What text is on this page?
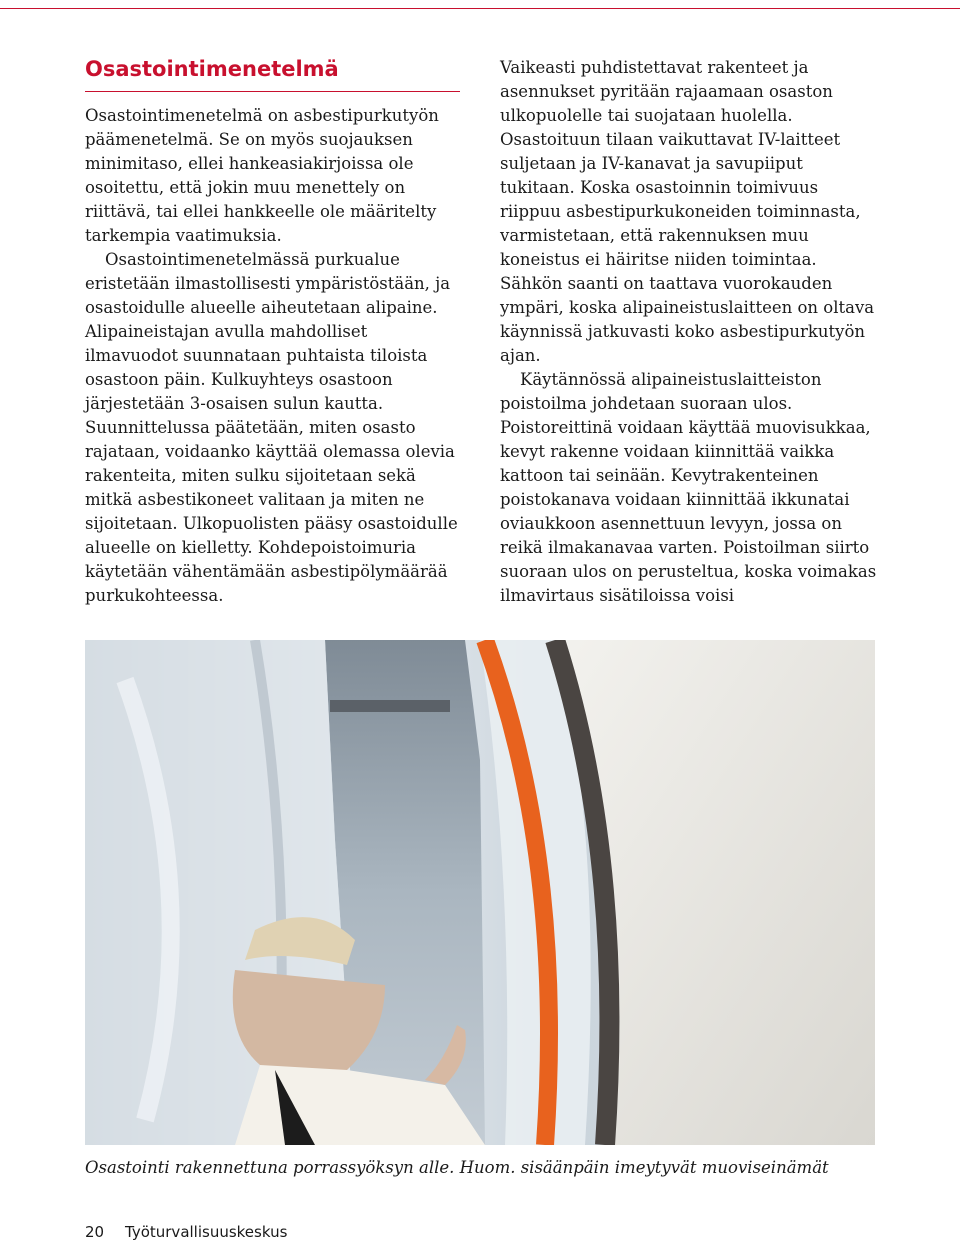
Osastointimenetelmä

Osastointimenetelmä on asbestipurkutyön päämenetelmä. Se on myös suojauksen minimitaso, ellei hankeasiakirjoissa ole osoitettu, että jokin muu menettely on riittävä, tai ellei hankkeelle ole määritelty tarkempia vaatimuksia.

Osastointimenetelmässä purkualue eristetään ilmastollisesti ympäristöstään, ja osastoidulle alueelle aiheutetaan alipaine. Alipaineistajan avulla mahdolliset ilmavuodot suunnataan puhtaista tiloista osastoon päin. Kulkuyhteys osastoon järjestetään 3-osaisen sulun kautta. Suunnittelussa päätetään, miten osasto rajataan, voidaanko käyttää olemassa olevia rakenteita, miten sulku sijoitetaan sekä mitkä asbestikoneet valitaan ja miten ne sijoitetaan. Ulkopuolisten pääsy osastoidulle alueelle on kielletty. Kohdepoistoimuria käytetään vähentämään asbestipölymäärää purkukohteessa.

Vaikeasti puhdistettavat rakenteet ja asennukset pyritään rajaamaan osaston ulkopuolelle tai suojataan huolella. Osastoituun tilaan vaikuttavat IV-laitteet suljetaan ja IV-kanavat ja savupiiput tukitaan. Koska osastoinnin toimivuus riippuu asbestipurkukoneiden toiminnasta, varmistetaan, että rakennuksen muu koneistus ei häiritse niiden toimintaa. Sähkön saanti on taattava vuorokauden ympäri, koska alipaineistuslaitteen on oltava käynnissä jatkuvasti koko asbestipurkutyön ajan.

Käytännössä alipaineistuslaitteiston poistoilma johdetaan suoraan ulos. Poistoreittinä voidaan käyttää muovisukkaa, kevyt rakenne voidaan kiinnittää vaikka kattoon tai seinään. Kevytrakenteinen poistokanava voidaan kiinnittää ikkunatai oviaukkoon asennettuun levyyn, jossa on reikä ilmakanavaa varten. Poistoilman siirto suoraan ulos on perusteltua, koska voimakas ilmavirtaus sisätiloissa voisi

Osastointi rakennettuna porrassyöksyn alle. Huom. sisäänpäin imeytyvät muoviseinämät

20 Työturvallisuuskeskus
